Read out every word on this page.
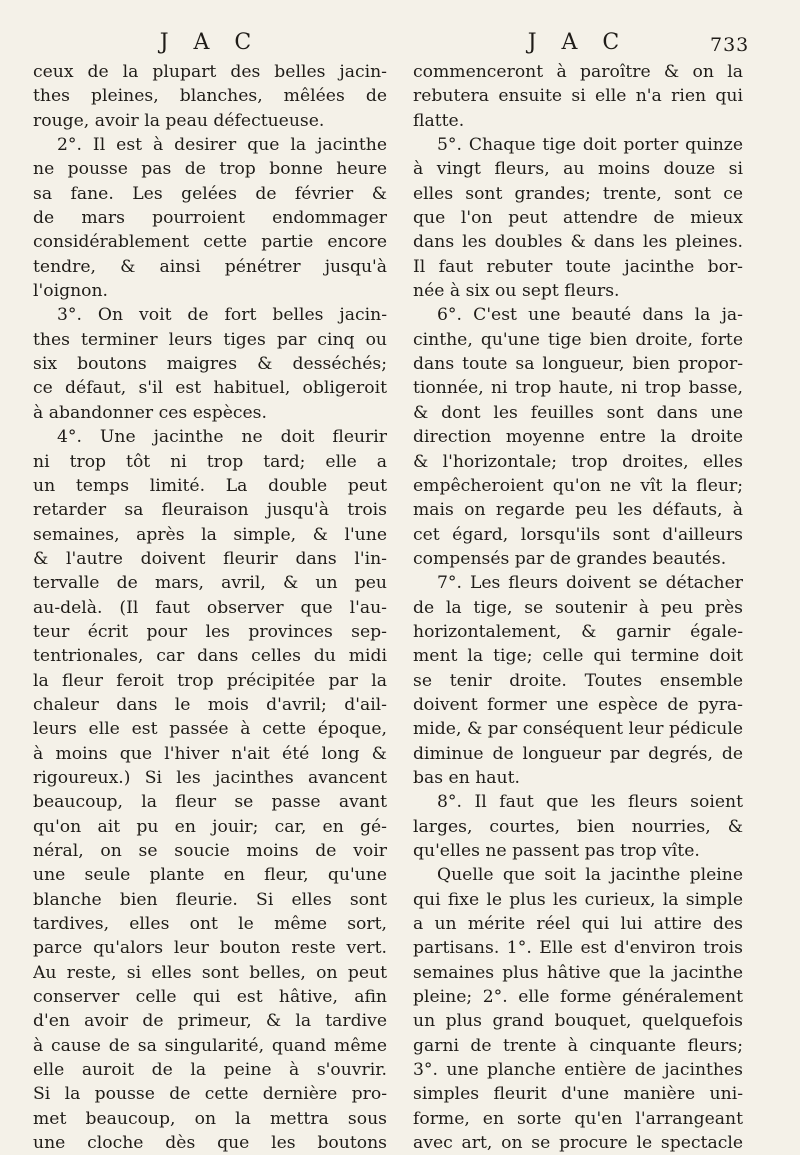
J A C	J A C	733
ceux de la plupart des belles jacin-
thes pleines, blanches, mêlées de
rouge, avoir la peau défectueuse.
2°. Il est à desirer que la jacinthe
ne pousse pas de trop bonne heure
sa fane. Les gelées de février &
de mars pourroient endommager
considérablement cette partie encore
tendre, & ainsi pénétrer jusqu'à
l'oignon.
3°. On voit de fort belles jacin-
thes terminer leurs tiges par cinq ou
six boutons maigres & desséchés;
ce défaut, s'il est habituel, obligeroit
à abandonner ces espèces.
4°. Une jacinthe ne doit fleurir
ni trop tôt ni trop tard; elle a
un temps limité. La double peut
retarder sa fleuraison jusqu'à trois
semaines, après la simple, & l'une
& l'autre doivent fleurir dans l'in-
tervalle de mars, avril, & un peu
au-delà. (Il faut observer que l'au-
teur écrit pour les provinces sep-
tentrionales, car dans celles du midi
la fleur feroit trop précipitée par la
chaleur dans le mois d'avril; d'ail-
leurs elle est passée à cette époque,
à moins que l'hiver n'ait été long &
rigoureux.) Si les jacinthes avancent
beaucoup, la fleur se passe avant
qu'on ait pu en jouir; car, en gé-
néral, on se soucie moins de voir
une seule plante en fleur, qu'une
blanche bien fleurie. Si elles sont
tardives, elles ont le même sort,
parce qu'alors leur bouton reste vert.
Au reste, si elles sont belles, on peut
conserver celle qui est hâtive, afin
d'en avoir de primeur, & la tardive
à cause de sa singularité, quand même
elle auroit de la peine à s'ouvrir.
Si la pousse de cette dernière pro-
met beaucoup, on la mettra sous
une cloche dès que les boutons
commenceront à paroître & on la
rebutera ensuite si elle n'a rien qui
flatte.
5°. Chaque tige doit porter quinze
à vingt fleurs, au moins douze si
elles sont grandes; trente, sont ce
que l'on peut attendre de mieux
dans les doubles & dans les pleines.
Il faut rebuter toute jacinthe bor-
née à six ou sept fleurs.
6°. C'est une beauté dans la ja-
cinthe, qu'une tige bien droite, forte
dans toute sa longueur, bien propor-
tionnée, ni trop haute, ni trop basse,
& dont les feuilles sont dans une
direction moyenne entre la droite
& l'horizontale; trop droites, elles
empêcheroient qu'on ne vît la fleur;
mais on regarde peu les défauts, à
cet égard, lorsqu'ils sont d'ailleurs
compensés par de grandes beautés.
7°. Les fleurs doivent se détacher
de la tige, se soutenir à peu près
horizontalement, & garnir égale-
ment la tige; celle qui termine doit
se tenir droite. Toutes ensemble
doivent former une espèce de pyra-
mide, & par conséquent leur pédicule
diminue de longueur par degrés, de
bas en haut.
8°. Il faut que les fleurs soient
larges, courtes, bien nourries, &
qu'elles ne passent pas trop vîte.
Quelle que soit la jacinthe pleine
qui fixe le plus les curieux, la simple
a un mérite réel qui lui attire des
partisans. 1°. Elle est d'environ trois
semaines plus hâtive que la jacinthe
pleine; 2°. elle forme généralement
un plus grand bouquet, quelquefois
garni de trente à cinquante fleurs;
3°. une planche entière de jacinthes
simples fleurit d'une manière uni-
forme, en sorte qu'en l'arrangeant
avec art, on se procure le spectacle
